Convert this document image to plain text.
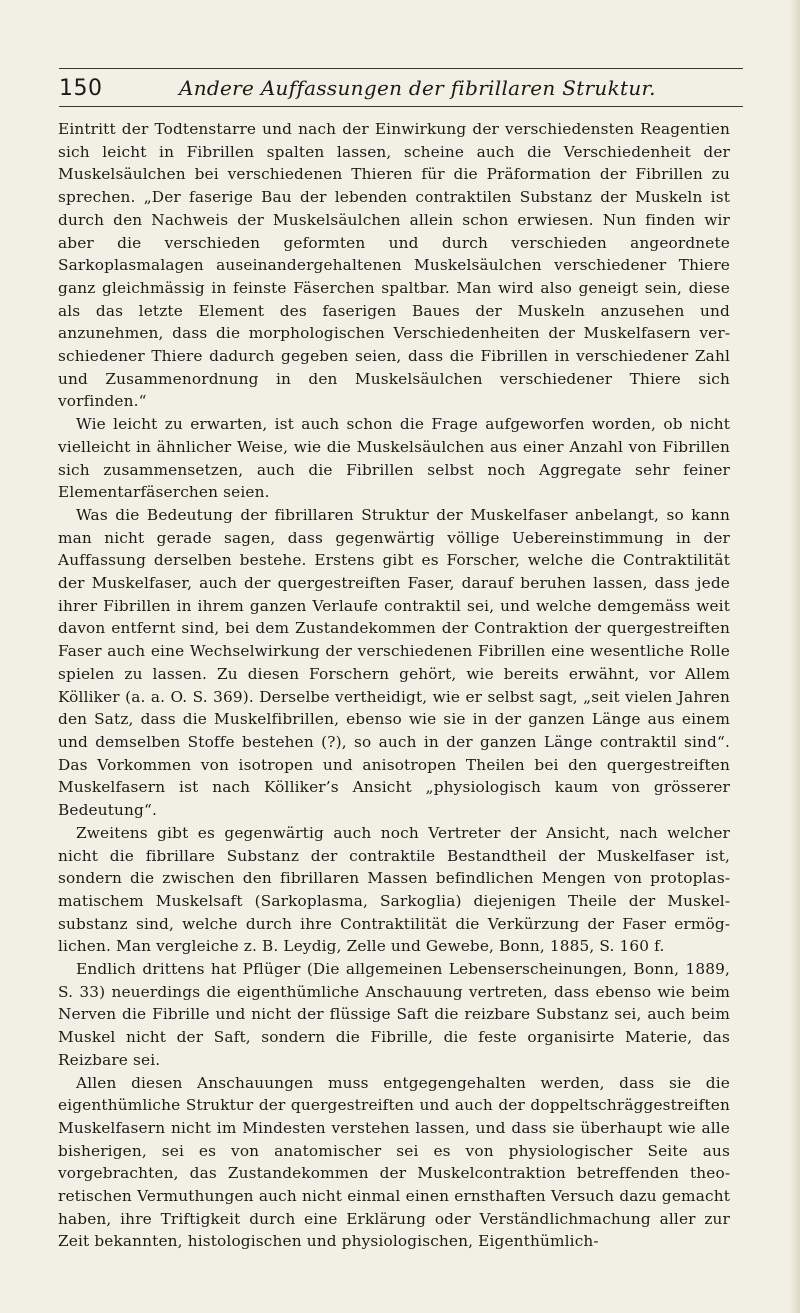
150	Andere Auffassungen der fibrillaren Struktur.

Eintritt der Todtenstarre und nach der Einwirkung der verschiedensten Reagentien sich leicht in Fibrillen spalten lassen, scheine auch die Verschiedenheit der Muskelsäulchen bei verschiedenen Thieren für die Präformation der Fibrillen zu sprechen. „Der faserige Bau der lebenden contraktilen Substanz der Muskeln ist durch den Nachweis der Muskelsäulchen allein schon erwiesen. Nun finden wir aber die verschieden geformten und durch verschieden angeordnete Sarkoplasmalagen auseinandergehaltenen Muskelsäulchen verschiedener Thiere ganz gleichmässig in feinste Fäserchen spaltbar. Man wird also geneigt sein, diese als das letzte Element des faserigen Baues der Muskeln anzusehen und anzunehmen, dass die morphologischen Verschiedenheiten der Muskelfasern verschiedener Thiere dadurch gegeben seien, dass die Fibrillen in verschiedener Zahl und Zusammenordnung in den Muskelsäulchen verschiedener Thiere sich vorfinden.“

Wie leicht zu erwarten, ist auch schon die Frage aufgeworfen worden, ob nicht vielleicht in ähnlicher Weise, wie die Muskelsäulchen aus einer Anzahl von Fibrillen sich zusammensetzen, auch die Fibrillen selbst noch Aggregate sehr feiner Elementarfäserchen seien.

Was die Bedeutung der fibrillaren Struktur der Muskelfaser anbelangt, so kann man nicht gerade sagen, dass gegenwärtig völlige Uebereinstimmung in der Auffassung derselben bestehe. Erstens gibt es Forscher, welche die Contraktilität der Muskelfaser, auch der quergestreiften Faser, darauf beruhen lassen, dass jede ihrer Fibrillen in ihrem ganzen Verlaufe contraktil sei, und welche demgemäss weit davon entfernt sind, bei dem Zustandekommen der Contraktion der quergestreiften Faser auch eine Wechselwirkung der verschiedenen Fibrillen eine wesentliche Rolle spielen zu lassen. Zu diesen Forschern gehört, wie bereits erwähnt, vor Allem Kölliker (a. a. O. S. 369). Derselbe vertheidigt, wie er selbst sagt, „seit vielen Jahren den Satz, dass die Muskelfibrillen, ebenso wie sie in der ganzen Länge aus einem und demselben Stoffe bestehen (?), so auch in der ganzen Länge contraktil sind“. Das Vorkommen von isotropen und anisotropen Theilen bei den quergestreiften Muskelfasern ist nach Kölliker’s Ansicht „physiologisch kaum von grösserer Bedeutung“.

Zweitens gibt es gegenwärtig auch noch Vertreter der Ansicht, nach welcher nicht die fibrillare Substanz der contraktile Bestandtheil der Muskelfaser ist, sondern die zwischen den fibrillaren Massen befindlichen Mengen von protoplasmatischem Muskelsaft (Sarkoplasma, Sarkoglia) diejenigen Theile der Muskelsubstanz sind, welche durch ihre Contraktilität die Verkürzung der Faser ermöglichen. Man vergleiche z. B. Leydig, Zelle und Gewebe, Bonn, 1885, S. 160 f.

Endlich drittens hat Pflüger (Die allgemeinen Lebenserscheinungen, Bonn, 1889, S. 33) neuerdings die eigenthümliche Anschauung vertreten, dass ebenso wie beim Nerven die Fibrille und nicht der flüssige Saft die reizbare Substanz sei, auch beim Muskel nicht der Saft, sondern die Fibrille, die feste organisirte Materie, das Reizbare sei.

Allen diesen Anschauungen muss entgegengehalten werden, dass sie die eigenthümliche Struktur der quergestreiften und auch der doppeltschräggestreiften Muskelfasern nicht im Mindesten verstehen lassen, und dass sie überhaupt wie alle bisherigen, sei es von anatomischer sei es von physiologischer Seite aus vorgebrachten, das Zustandekommen der Muskelcontraktion betreffenden theoretischen Vermuthungen auch nicht einmal einen ernsthaften Versuch dazu gemacht haben, ihre Triftigkeit durch eine Erklärung oder Verständlichmachung aller zur Zeit bekannten, histologischen und physiologischen, Eigenthümlich-
